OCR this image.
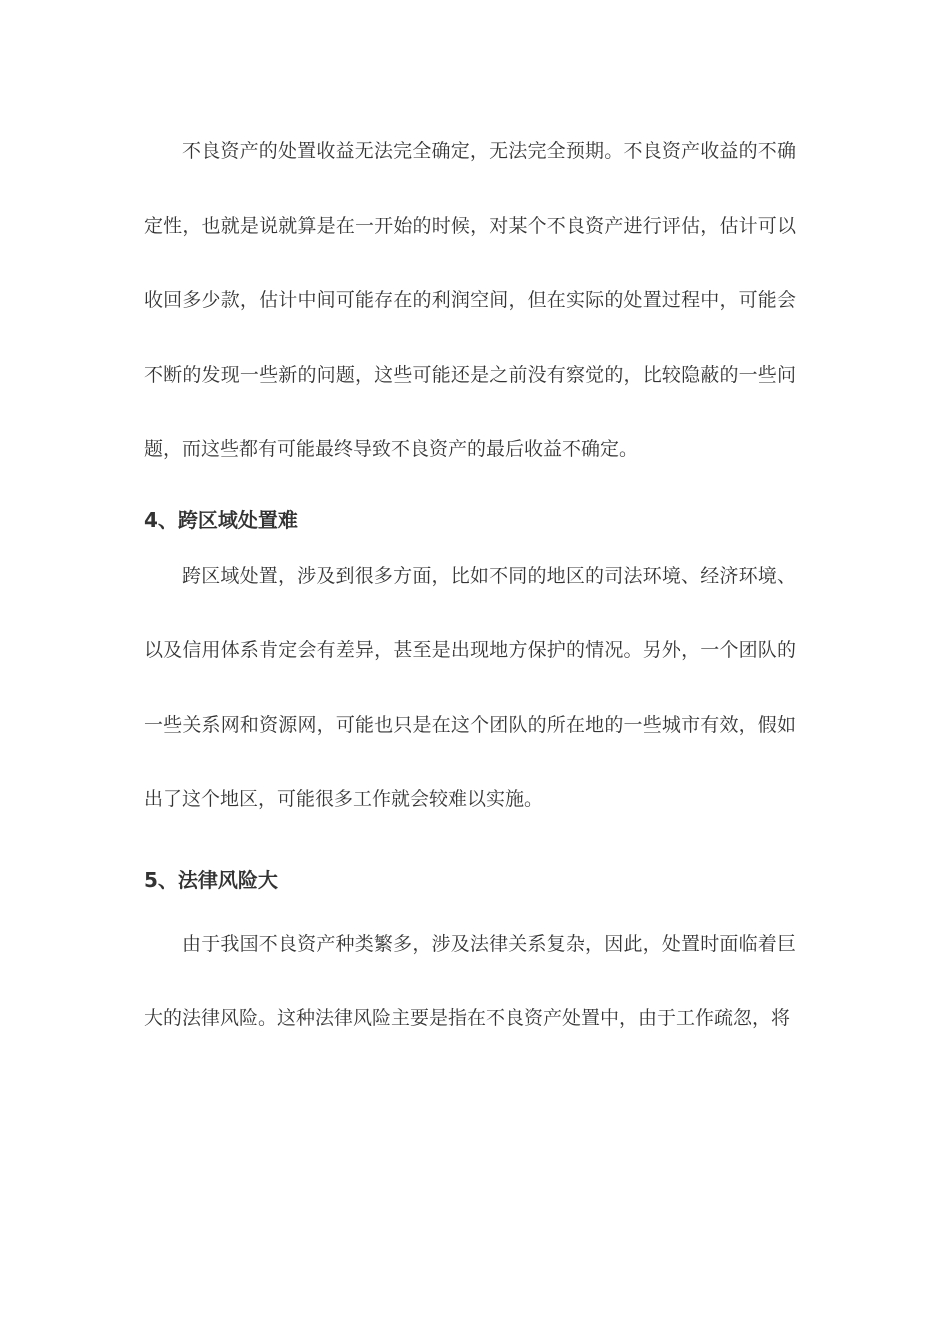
不良资产的处置收益无法完全确定，无法完全预期。不良资产收益的不确定性，也就是说就算是在一开始的时候，对某个不良资产进行评估，估计可以收回多少款，估计中间可能存在的利润空间，但在实际的处置过程中，可能会不断的发现一些新的问题，这些可能还是之前没有察觉的，比较隐蔽的一些问题，而这些都有可能最终导致不良资产的最后收益不确定。

4、跨区域处置难

跨区域处置，涉及到很多方面，比如不同的地区的司法环境、经济环境、以及信用体系肯定会有差异，甚至是出现地方保护的情况。另外，一个团队的一些关系网和资源网，可能也只是在这个团队的所在地的一些城市有效，假如出了这个地区，可能很多工作就会较难以实施。

5、法律风险大

由于我国不良资产种类繁多，涉及法律关系复杂，因此，处置时面临着巨大的法律风险。这种法律风险主要是指在不良资产处置中，由于工作疏忽，将
